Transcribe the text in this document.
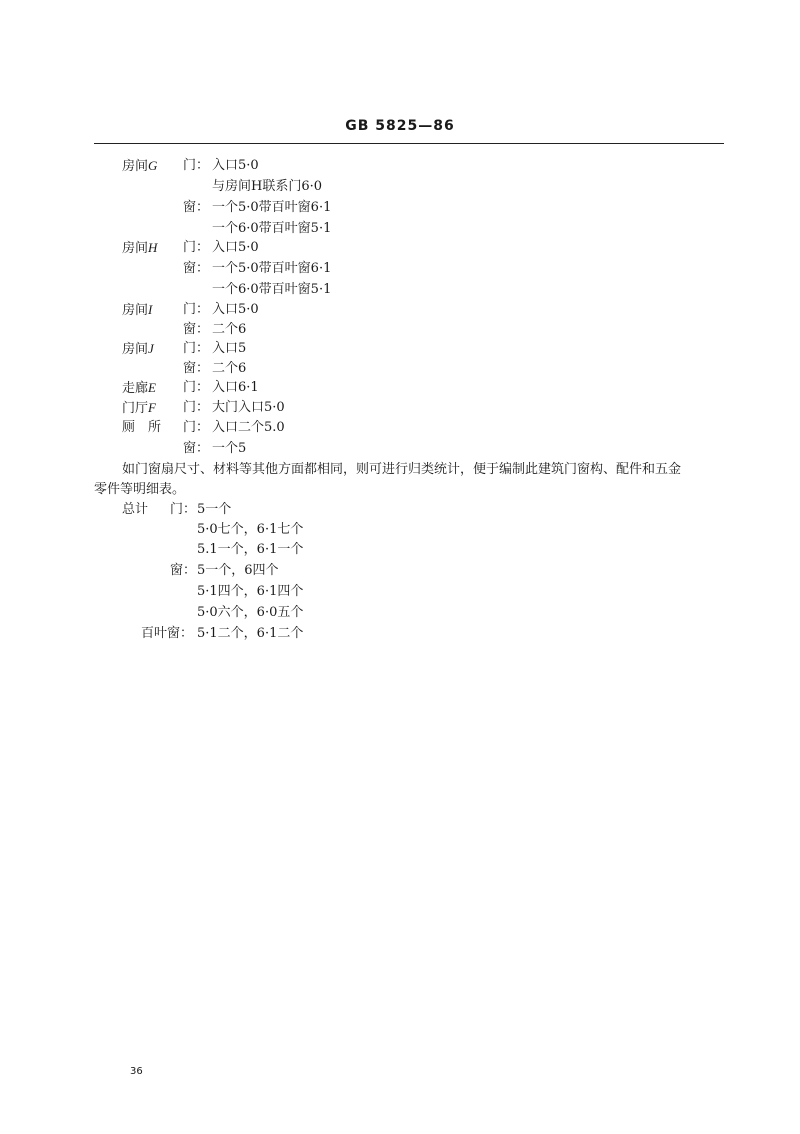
GB 5825—86
房间G 门： 入口5·0
与房间H联系门6·0
窗： 一个5·0带百叶窗6·1
一个6·0带百叶窗5·1
房间H 门： 入口5·0
窗： 一个5·0带百叶窗6·1
一个6·0带百叶窗5·1
房间I 门： 入口5·0
窗： 二个6
房间J 门： 入口5
窗： 二个6
走廊E 门： 入口6·1
门厅F 门： 大门入口5·0
厕　所 门： 入口二个5.0
窗： 一个5
如门窗扇尺寸、材料等其他方面都相同，则可进行归类统计，便于编制此建筑门窗构、配件和五金
零件等明细表。
总计 门： 5一个
5·0七个，6·1七个
5.1一个，6·1一个
窗： 5一个，6四个
5·1四个，6·1四个
5·0六个，6·0五个
百叶窗： 5·1二个，6·1二个
36
